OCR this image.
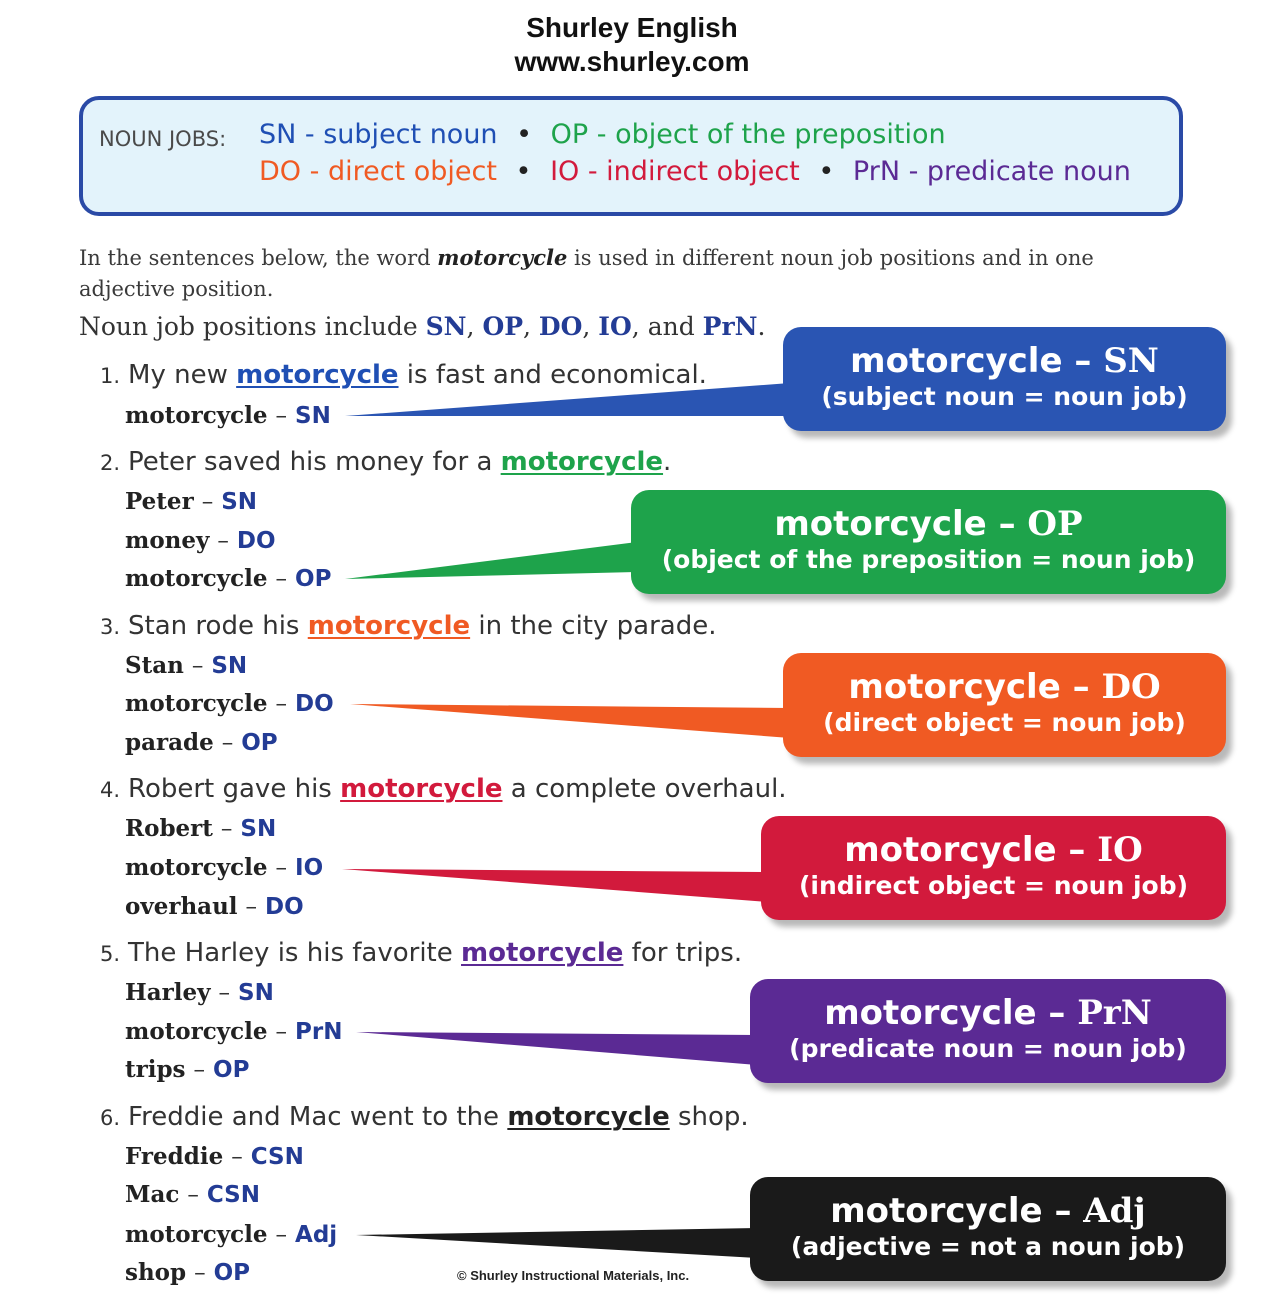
Shurley English
www.shurley.com
NOUN JOBS: SN - subject noun • OP - object of the preposition
DO - direct object • IO - indirect object • PrN - predicate noun

In the sentences below, the word motorcycle is used in different noun job positions and in one adjective position.

Noun job positions include SN, OP, DO, IO, and PrN.

1. My new motorcycle is fast and economical.
motorcycle – SN
2. Peter saved his money for a motorcycle.
Peter – SN
money – DO
motorcycle – OP
3. Stan rode his motorcycle in the city parade.
Stan – SN
motorcycle – DO
parade – OP
4. Robert gave his motorcycle a complete overhaul.
Robert – SN
motorcycle – IO
overhaul – DO
5. The Harley is his favorite motorcycle for trips.
Harley – SN
motorcycle – PrN
trips – OP
6. Freddie and Mac went to the motorcycle shop.
Freddie – CSN
Mac – CSN
motorcycle – Adj
shop – OP
motorcycle – SN
(subject noun = noun job)
motorcycle – OP
(object of the preposition = noun job)
motorcycle – DO
(direct object = noun job)
motorcycle – IO
(indirect object = noun job)
motorcycle – PrN
(predicate noun = noun job)
motorcycle – Adj
(adjective = not a noun job)
© Shurley Instructional Materials, Inc.
